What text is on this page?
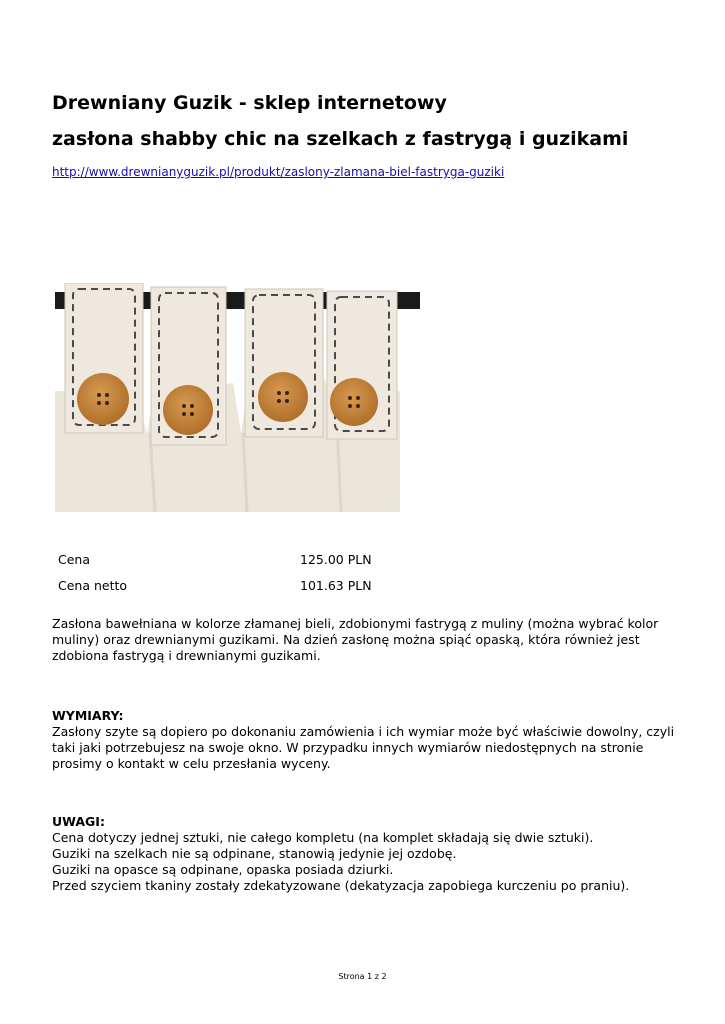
Drewniany Guzik - sklep internetowy
zasłona shabby chic na szelkach z fastrygą i guzikami
http://www.drewnianyguzik.pl/produkt/zaslony-zlamana-biel-fastryga-guziki
Cena	125.00 PLN
Cena netto	101.63 PLN

Zasłona bawełniana w kolorze złamanej bieli, zdobionymi fastrygą z muliny (można wybrać kolor
muliny) oraz drewnianymi guzikami. Na dzień zasłonę można spiąć opaską, która również jest
zdobiona fastrygą i drewnianymi guzikami.

WYMIARY:
Zasłony szyte są dopiero po dokonaniu zamówienia i ich wymiar może być właściwie dowolny, czyli
taki jaki potrzebujesz na swoje okno. W przypadku innych wymiarów niedostępnych na stronie
prosimy o kontakt w celu przesłania wyceny.

UWAGI:
Cena dotyczy jednej sztuki, nie całego kompletu (na komplet składają się dwie sztuki).
Guziki na szelkach nie są odpinane, stanowią jedynie jej ozdobę.
Guziki na opasce są odpinane, opaska posiada dziurki.
Przed szyciem tkaniny zostały zdekatyzowane (dekatyzacja zapobiega kurczeniu po praniu).

Strona 1 z 2
